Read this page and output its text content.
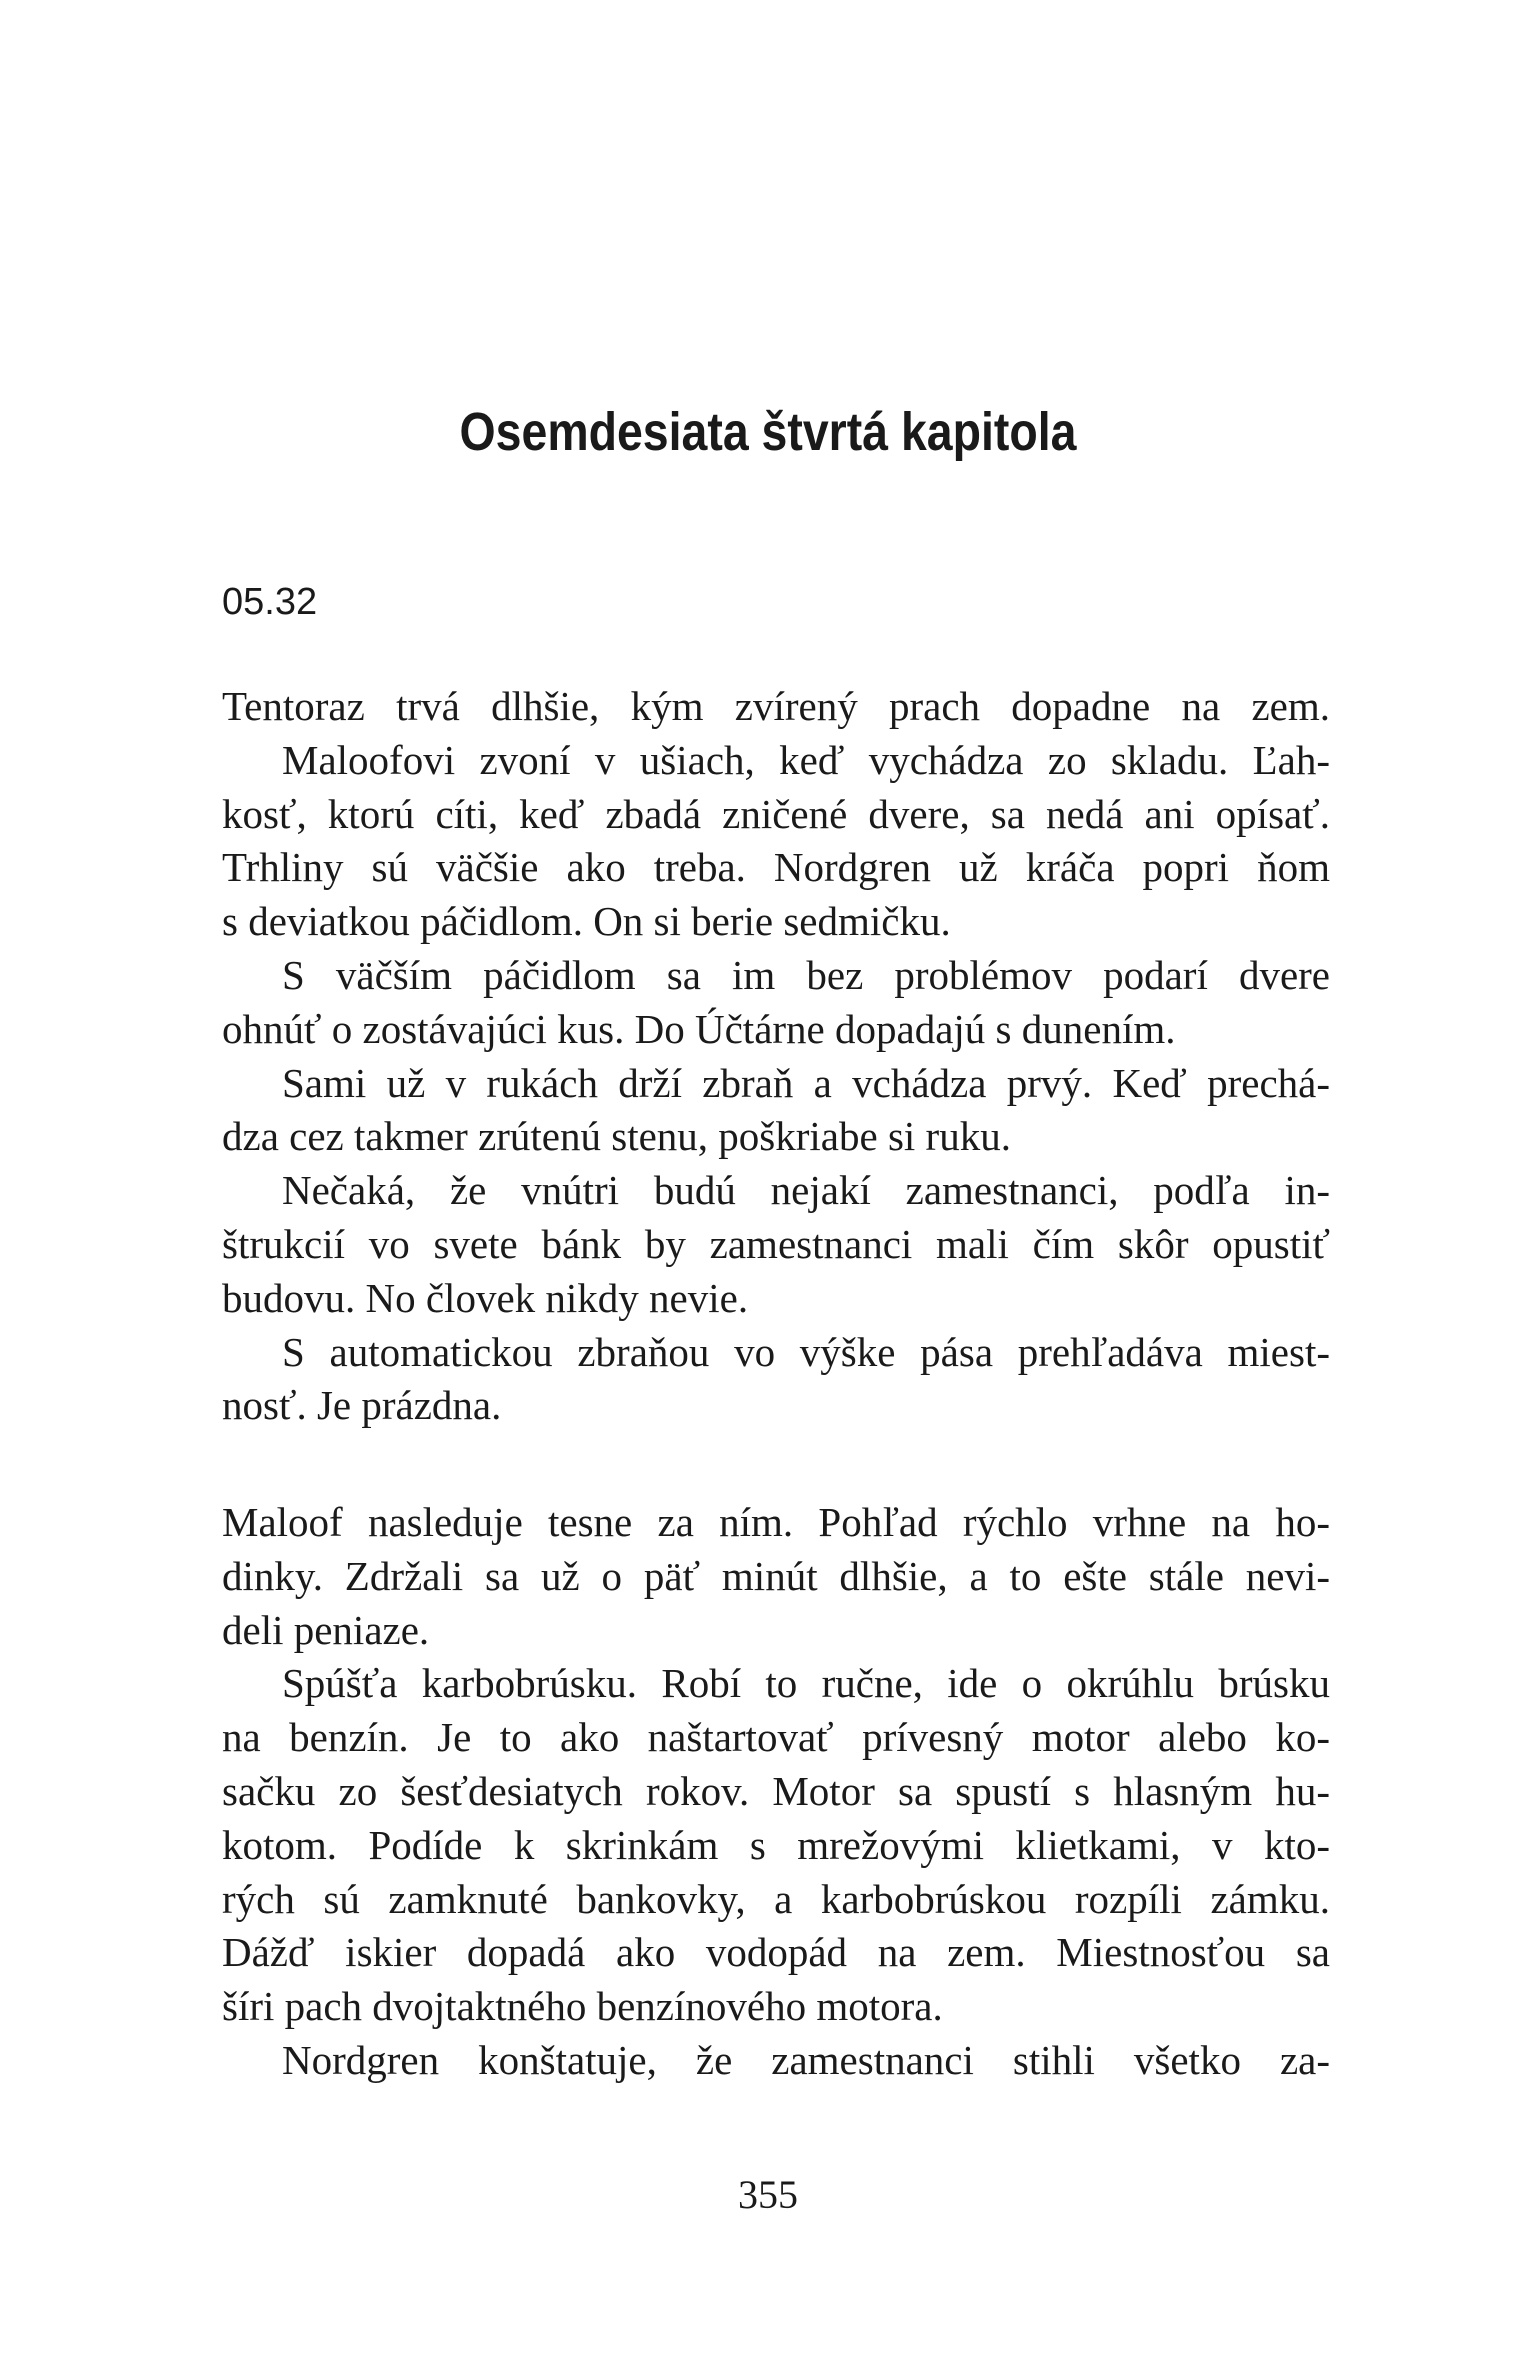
Osemdesiata štvrtá kapitola
05.32
Tentoraz trvá dlhšie, kým zvírený prach dopadne na zem.
Maloofovi zvoní v ušiach, keď vychádza zo skladu. Ľah-
kosť, ktorú cíti, keď zbadá zničené dvere, sa nedá ani opísať.
Trhliny sú väčšie ako treba. Nordgren už kráča popri ňom
s deviatkou páčidlom. On si berie sedmičku.
S väčším páčidlom sa im bez problémov podarí dvere
ohnúť o zostávajúci kus. Do Účtárne dopadajú s dunením.
Sami už v rukách drží zbraň a vchádza prvý. Keď prechá-
dza cez takmer zrútenú stenu, poškriabe si ruku.
Nečaká, že vnútri budú nejakí zamestnanci, podľa in-
štrukcií vo svete bánk by zamestnanci mali čím skôr opustiť
budovu. No človek nikdy nevie.
S automatickou zbraňou vo výške pása prehľadáva miest-
nosť. Je prázdna.
Maloof nasleduje tesne za ním. Pohľad rýchlo vrhne na ho-
dinky. Zdržali sa už o päť minút dlhšie, a to ešte stále nevi-
deli peniaze.
Spúšťa karbobrúsku. Robí to ručne, ide o okrúhlu brúsku
na benzín. Je to ako naštartovať prívesný motor alebo ko-
sačku zo šesťdesiatych rokov. Motor sa spustí s hlasným hu-
kotom. Podíde k skrinkám s mrežovými klietkami, v kto-
rých sú zamknuté bankovky, a karbobrúskou rozpíli zámku.
Dážď iskier dopadá ako vodopád na zem. Miestnosťou sa
šíri pach dvojtaktného benzínového motora.
Nordgren konštatuje, že zamestnanci stihli všetko za-
355
